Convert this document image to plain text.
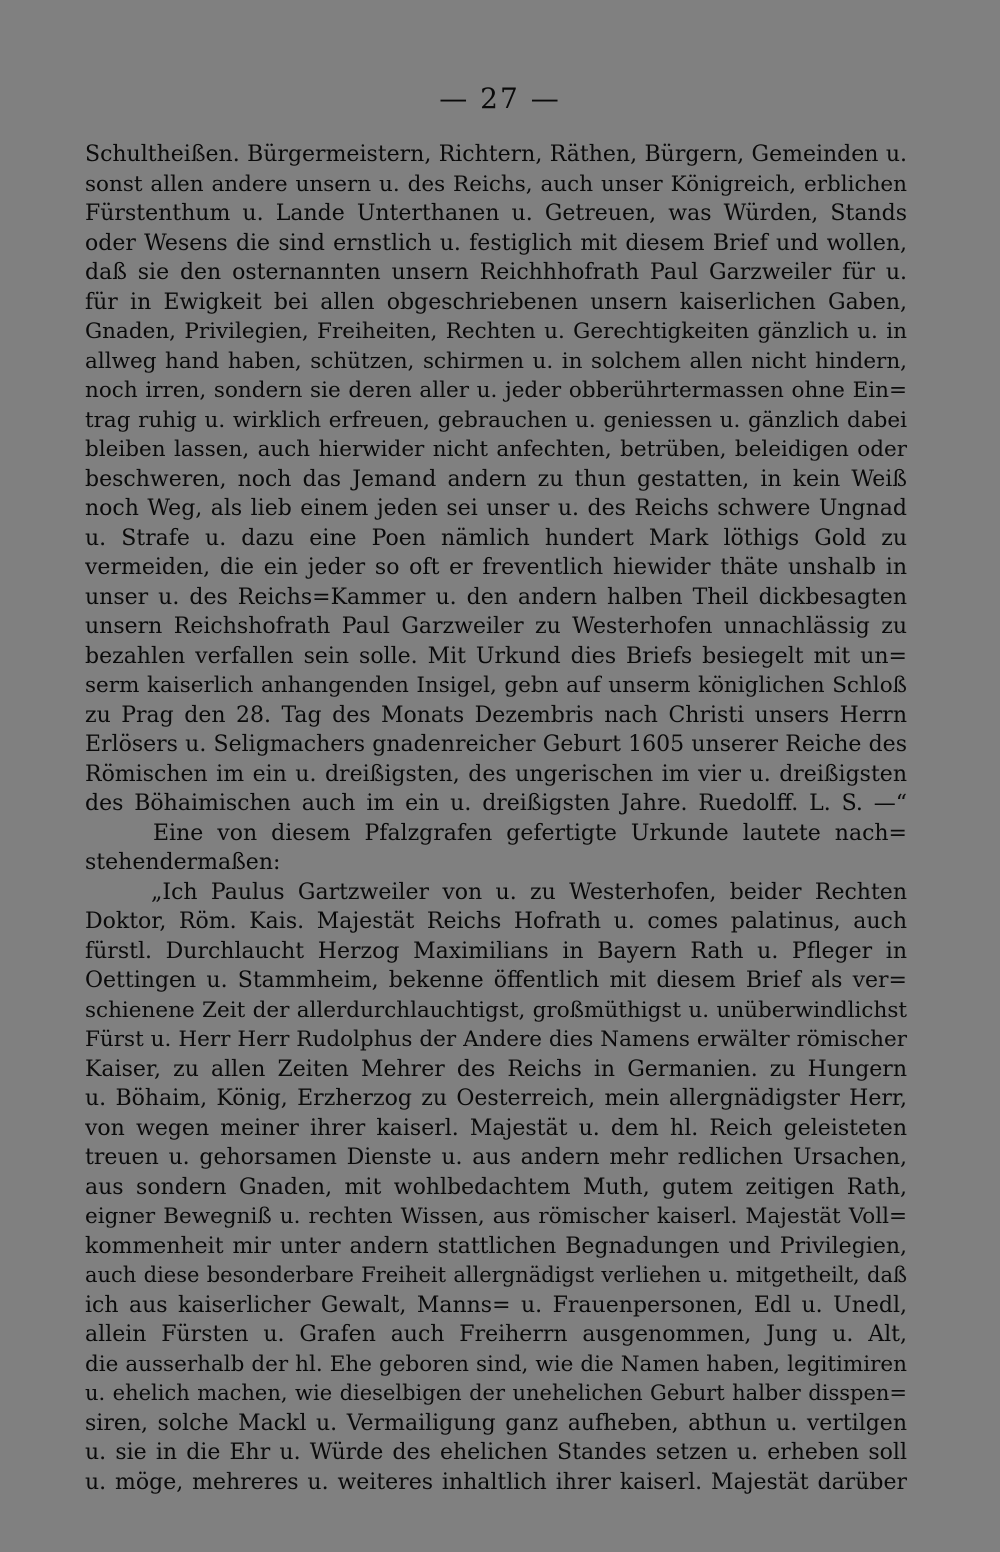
— 27 —
Schultheißen. Bürgermeistern, Richtern, Räthen, Bürgern, Gemeinden u.
sonst allen andere unsern u. des Reichs, auch unser Königreich, erblichen
Fürstenthum u. Lande Unterthanen u. Getreuen, was Würden, Stands
oder Wesens die sind ernstlich u. festiglich mit diesem Brief und wollen,
daß sie den osternannten unsern Reichhhofrath Paul Garzweiler für u.
für in Ewigkeit bei allen obgeschriebenen unsern kaiserlichen Gaben,
Gnaden, Privilegien, Freiheiten, Rechten u. Gerechtigkeiten gänzlich u. in
allweg hand haben, schützen, schirmen u. in solchem allen nicht hindern,
noch irren, sondern sie deren aller u. jeder obberührtermassen ohne Ein=
trag ruhig u. wirklich erfreuen, gebrauchen u. geniessen u. gänzlich dabei
bleiben lassen, auch hierwider nicht anfechten, betrüben, beleidigen oder
beschweren, noch das Jemand andern zu thun gestatten, in kein Weiß
noch Weg, als lieb einem jeden sei unser u. des Reichs schwere Ungnad
u. Strafe u. dazu eine Poen nämlich hundert Mark löthigs Gold zu
vermeiden, die ein jeder so oft er freventlich hiewider thäte unshalb in
unser u. des Reichs=Kammer u. den andern halben Theil dickbesagten
unsern Reichshofrath Paul Garzweiler zu Westerhofen unnachlässig zu
bezahlen verfallen sein solle. Mit Urkund dies Briefs besiegelt mit un=
serm kaiserlich anhangenden Insigel, gebn auf unserm königlichen Schloß
zu Prag den 28. Tag des Monats Dezembris nach Christi unsers Herrn
Erlösers u. Seligmachers gnadenreicher Geburt 1605 unserer Reiche des
Römischen im ein u. dreißigsten, des ungerischen im vier u. dreißigsten
des Böhaimischen auch im ein u. dreißigsten Jahre. Ruedolff. L. S. —“
Eine von diesem Pfalzgrafen gefertigte Urkunde lautete nach=
stehendermaßen:
„Ich Paulus Gartzweiler von u. zu Westerhofen, beider Rechten
Doktor, Röm. Kais. Majestät Reichs Hofrath u. comes palatinus, auch
fürstl. Durchlaucht Herzog Maximilians in Bayern Rath u. Pfleger in
Oettingen u. Stammheim, bekenne öffentlich mit diesem Brief als ver=
schienene Zeit der allerdurchlauchtigst, großmüthigst u. unüberwindlichst
Fürst u. Herr Herr Rudolphus der Andere dies Namens erwälter römischer
Kaiser, zu allen Zeiten Mehrer des Reichs in Germanien. zu Hungern
u. Böhaim, König, Erzherzog zu Oesterreich, mein allergnädigster Herr,
von wegen meiner ihrer kaiserl. Majestät u. dem hl. Reich geleisteten
treuen u. gehorsamen Dienste u. aus andern mehr redlichen Ursachen,
aus sondern Gnaden, mit wohlbedachtem Muth, gutem zeitigen Rath,
eigner Bewegniß u. rechten Wissen, aus römischer kaiserl. Majestät Voll=
kommenheit mir unter andern stattlichen Begnadungen und Privilegien,
auch diese besonderbare Freiheit allergnädigst verliehen u. mitgetheilt, daß
ich aus kaiserlicher Gewalt, Manns= u. Frauenpersonen, Edl u. Unedl,
allein Fürsten u. Grafen auch Freiherrn ausgenommen, Jung u. Alt,
die ausserhalb der hl. Ehe geboren sind, wie die Namen haben, legitimiren
u. ehelich machen, wie dieselbigen der unehelichen Geburt halber disspen=
siren, solche Mackl u. Vermailigung ganz aufheben, abthun u. vertilgen
u. sie in die Ehr u. Würde des ehelichen Standes setzen u. erheben soll
u. möge, mehreres u. weiteres inhaltlich ihrer kaiserl. Majestät darüber
